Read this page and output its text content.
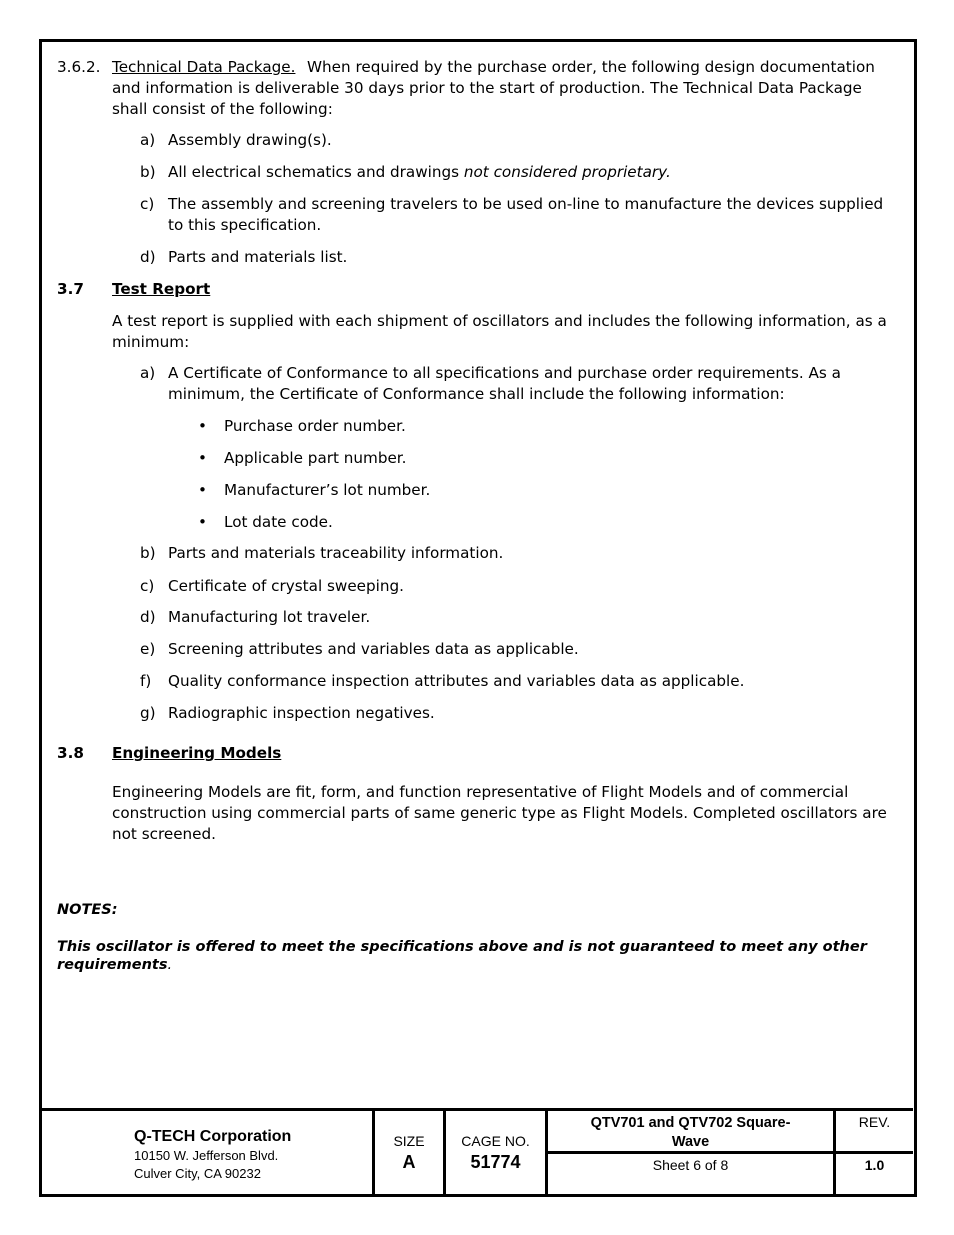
3.6.2. Technical Data Package. When required by the purchase order, the following design documentation
and information is deliverable 30 days prior to the start of production. The Technical Data Package
shall consist of the following:
a) Assembly drawing(s).
b) All electrical schematics and drawings not considered proprietary.
c) The assembly and screening travelers to be used on-line to manufacture the devices supplied
to this specification.
d) Parts and materials list.
3.7 Test Report
A test report is supplied with each shipment of oscillators and includes the following information, as a
minimum:
a) A Certificate of Conformance to all specifications and purchase order requirements. As a
minimum, the Certificate of Conformance shall include the following information:
• Purchase order number.
• Applicable part number.
• Manufacturer’s lot number.
• Lot date code.
b) Parts and materials traceability information.
c) Certificate of crystal sweeping.
d) Manufacturing lot traveler.
e) Screening attributes and variables data as applicable.
f) Quality conformance inspection attributes and variables data as applicable.
g) Radiographic inspection negatives.
3.8 Engineering Models
Engineering Models are fit, form, and function representative of Flight Models and of commercial
construction using commercial parts of same generic type as Flight Models. Completed oscillators are
not screened.
NOTES:
This oscillator is offered to meet the specifications above and is not guaranteed to meet any other
requirements.
Q-TECH Corporation
10150 W. Jefferson Blvd.
Culver City, CA 90232
SIZE
A
CAGE NO.
51774
QTV701 and QTV702 Square-
Wave
Sheet 6 of 8
REV.
1.0
